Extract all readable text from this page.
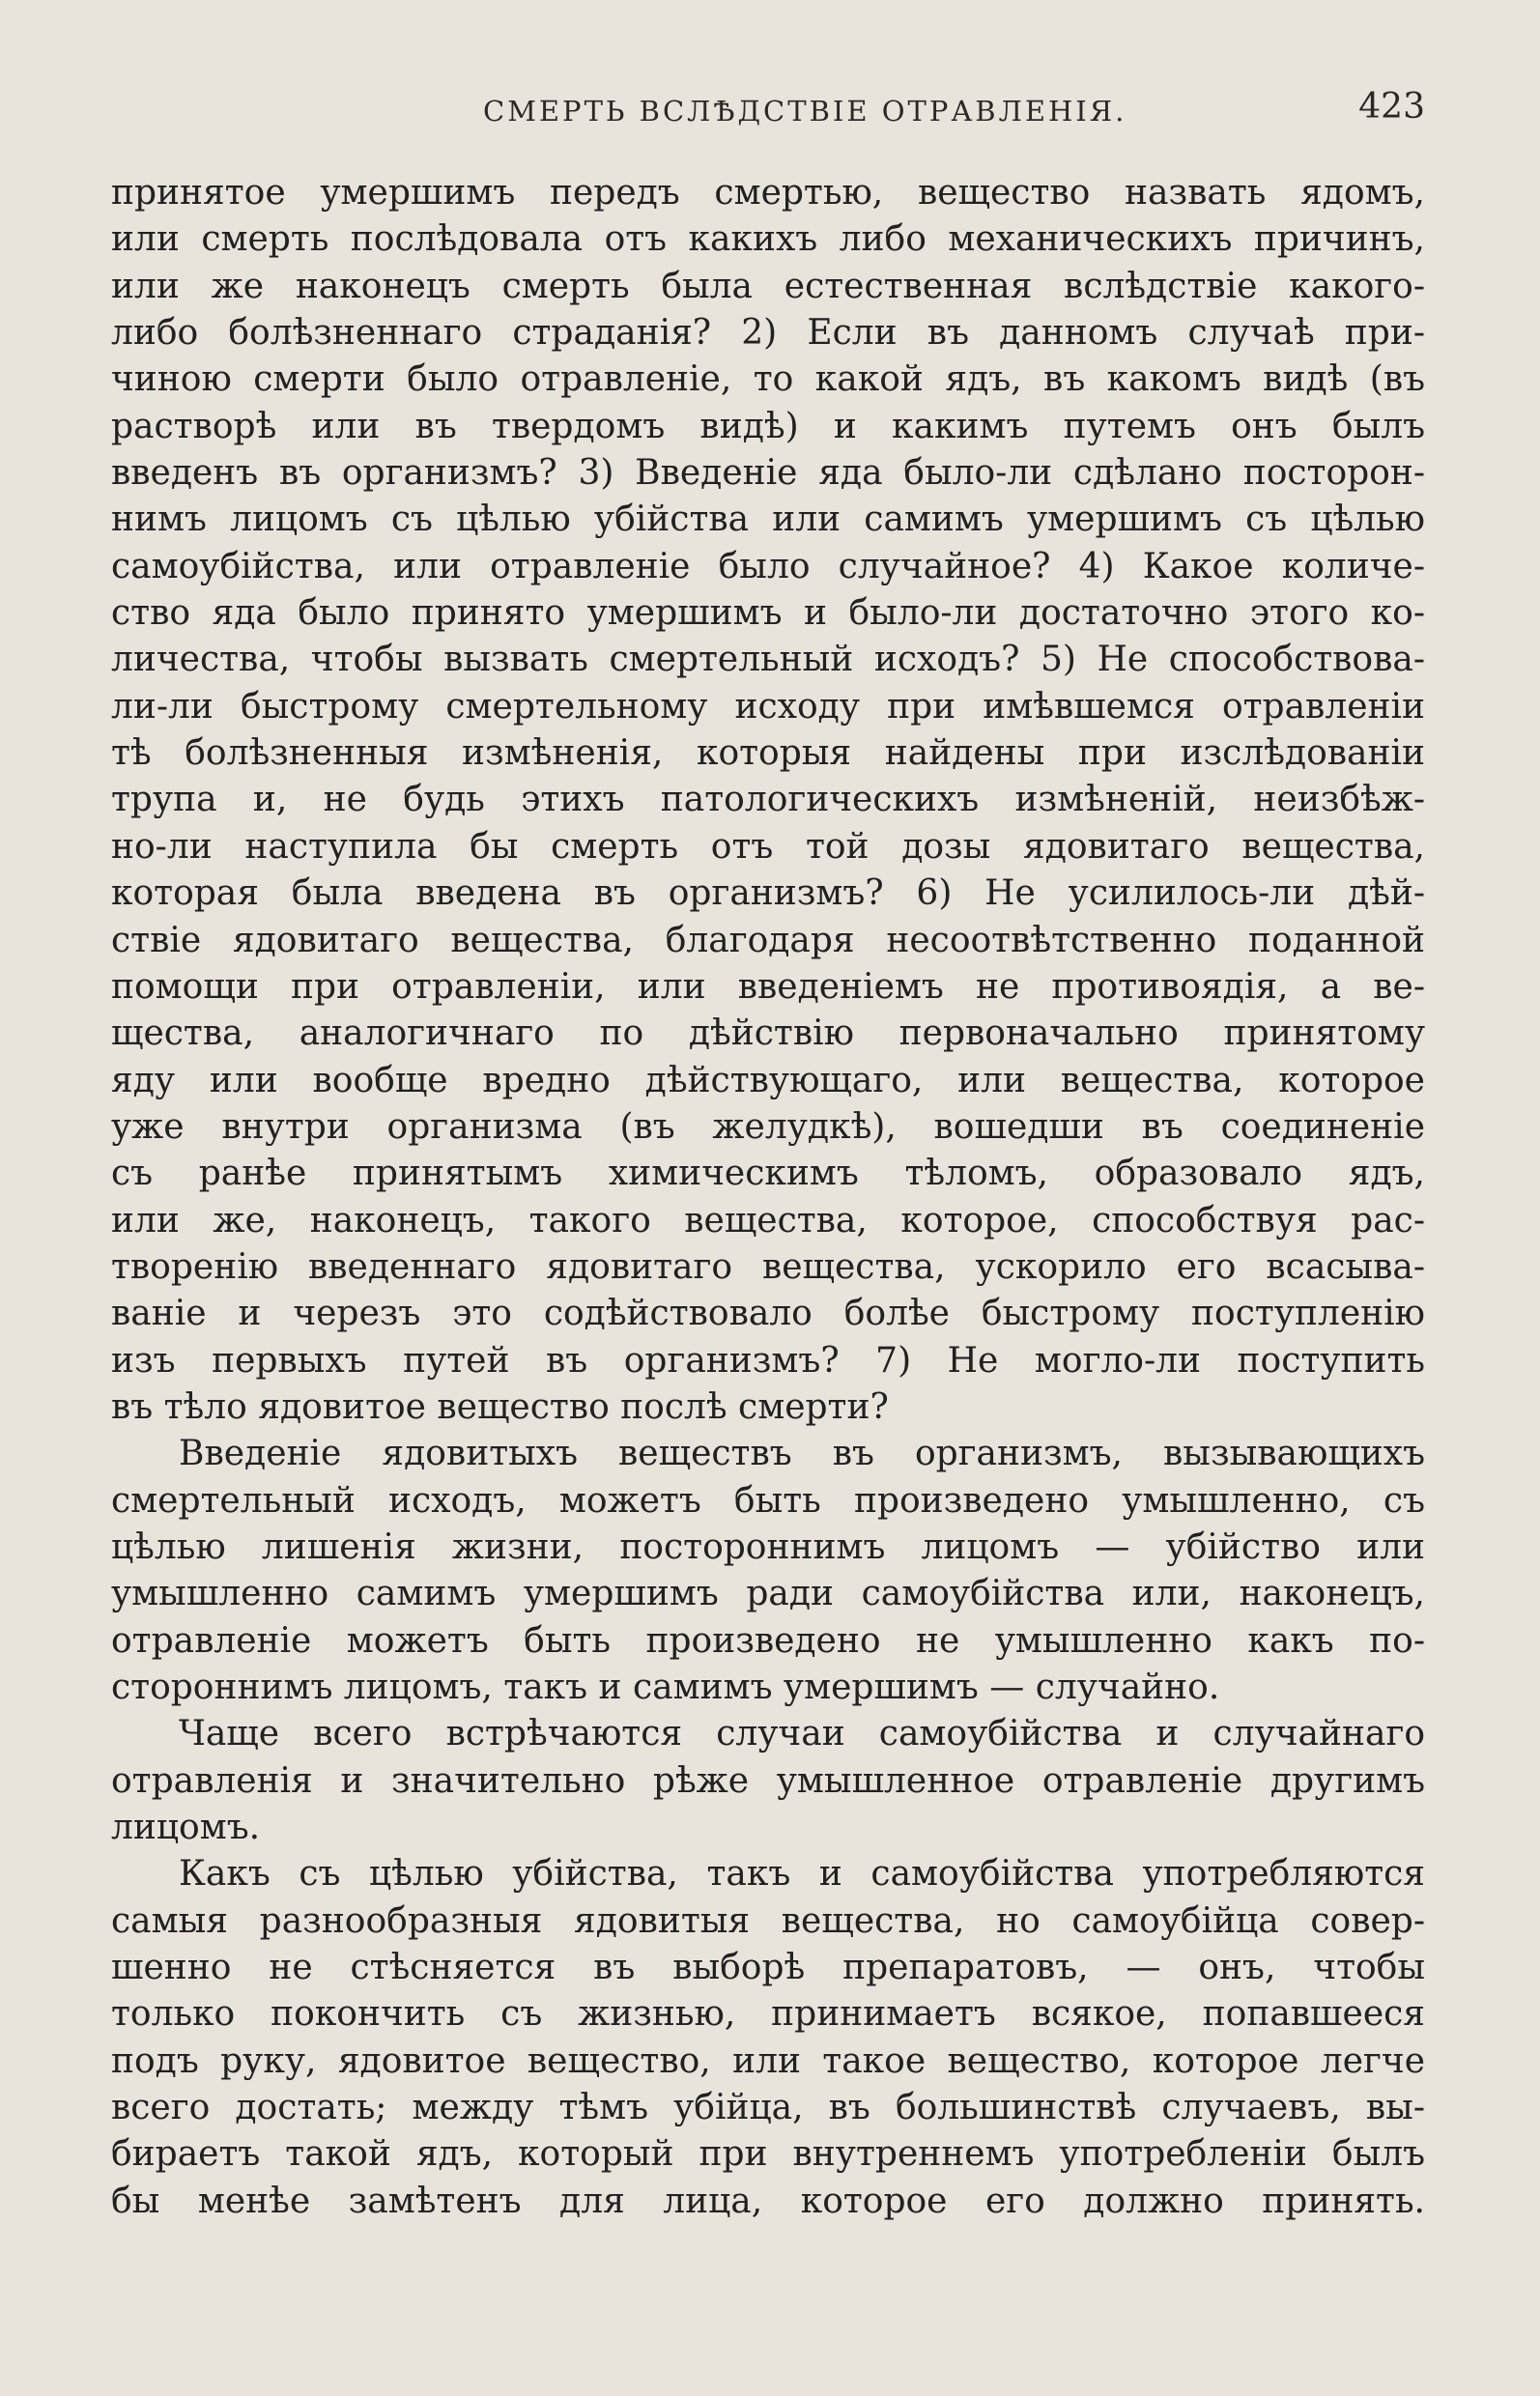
СМЕРТЬ ВСЛѢДСТВІЕ ОТРАВЛЕНІЯ.	423
принятое умершимъ передъ смертью, вещество назвать ядомъ,
или смерть послѣдовала отъ какихъ либо механическихъ причинъ,
или же наконецъ смерть была естественная вслѣдствіе какого-
либо болѣзненнаго страданія? 2) Если въ данномъ случаѣ при-
чиною смерти было отравленіе, то какой ядъ, въ какомъ видѣ (въ
растворѣ или въ твердомъ видѣ) и какимъ путемъ онъ былъ
введенъ въ организмъ? 3) Введеніе яда было-ли сдѣлано посторон-
нимъ лицомъ съ цѣлью убійства или самимъ умершимъ съ цѣлью
самоубійства, или отравленіе было случайное? 4) Какое количе-
ство яда было принято умершимъ и было-ли достаточно этого ко-
личества, чтобы вызвать смертельный исходъ? 5) Не способствова-
ли-ли быстрому смертельному исходу при имѣвшемся отравленіи
тѣ болѣзненныя измѣненія, которыя найдены при изслѣдованіи
трупа и, не будь этихъ патологическихъ измѣненій, неизбѣж-
но-ли наступила бы смерть отъ той дозы ядовитаго вещества,
которая была введена въ организмъ? 6) Не усилилось-ли дѣй-
ствіе ядовитаго вещества, благодаря несоотвѣтственно поданной
помощи при отравленіи, или введеніемъ не противоядія, а ве-
щества, аналогичнаго по дѣйствію первоначально принятому
яду или вообще вредно дѣйствующаго, или вещества, которое
уже внутри организма (въ желудкѣ), вошедши въ соединеніе
съ ранѣе принятымъ химическимъ тѣломъ, образовало ядъ,
или же, наконецъ, такого вещества, которое, способствуя рас-
творенію введеннаго ядовитаго вещества, ускорило его всасыва-
ваніе и черезъ это содѣйствовало болѣе быстрому поступленію
изъ первыхъ путей въ организмъ? 7) Не могло-ли поступить
въ тѣло ядовитое вещество послѣ смерти?
Введеніе ядовитыхъ веществъ въ организмъ, вызывающихъ
смертельный исходъ, можетъ быть произведено умышленно, съ
цѣлью лишенія жизни, постороннимъ лицомъ — убійство или
умышленно самимъ умершимъ ради самоубійства или, наконецъ,
отравленіе можетъ быть произведено не умышленно какъ по-
стороннимъ лицомъ, такъ и самимъ умершимъ — случайно.
Чаще всего встрѣчаются случаи самоубійства и случайнаго
отравленія и значительно рѣже умышленное отравленіе другимъ
лицомъ.
Какъ съ цѣлью убійства, такъ и самоубійства употребляются
самыя разнообразныя ядовитыя вещества, но самоубійца совер-
шенно не стѣсняется въ выборѣ препаратовъ, — онъ, чтобы
только покончить съ жизнью, принимаетъ всякое, попавшееся
подъ руку, ядовитое вещество, или такое вещество, которое легче
всего достать; между тѣмъ убійца, въ большинствѣ случаевъ, вы-
бираетъ такой ядъ, который при внутреннемъ употребленіи былъ
бы менѣе замѣтенъ для лица, которое его должно принять.
